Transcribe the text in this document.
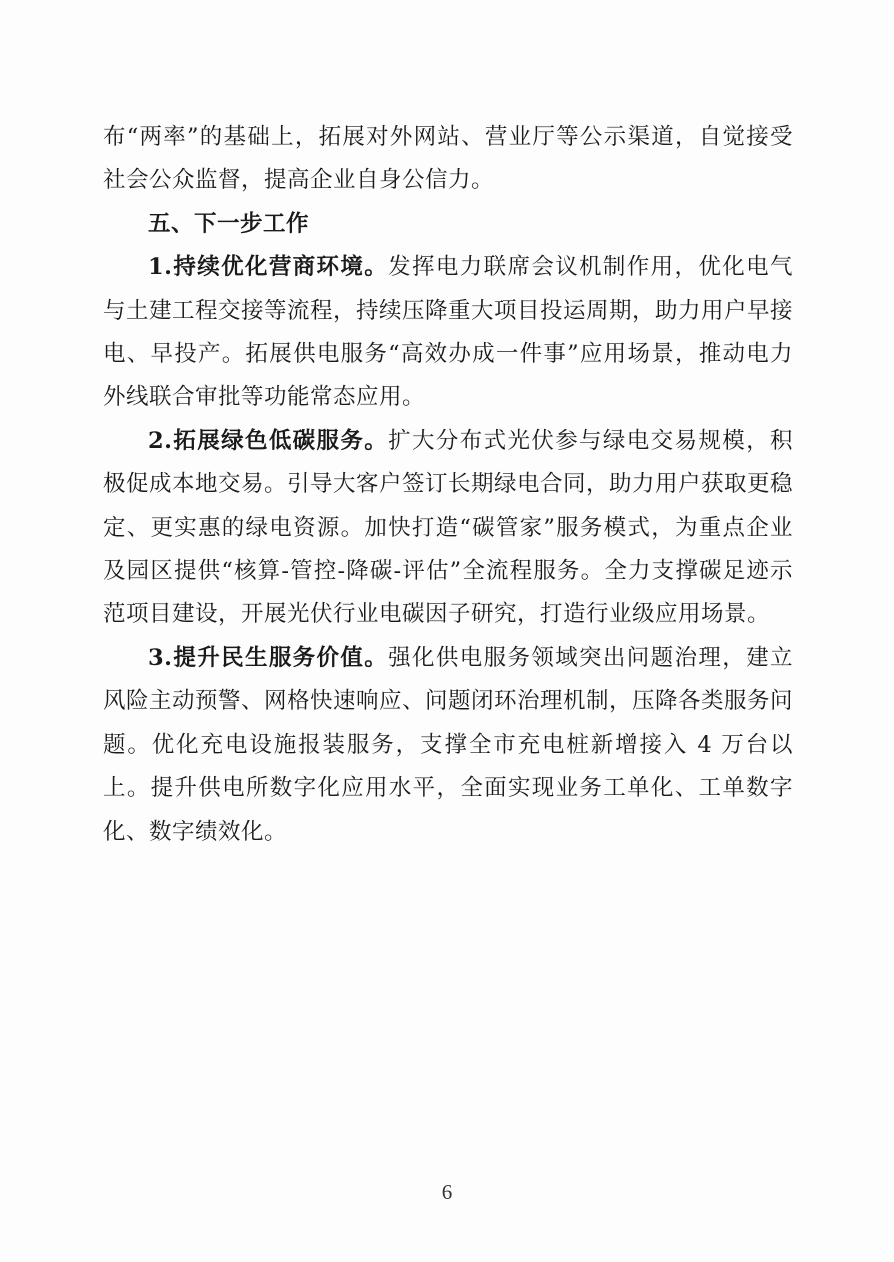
布“两率”的基础上，拓展对外网站、营业厅等公示渠道，自觉接受社会公众监督，提高企业自身公信力。

五、下一步工作

1.持续优化营商环境。发挥电力联席会议机制作用，优化电气与土建工程交接等流程，持续压降重大项目投运周期，助力用户早接电、早投产。拓展供电服务“高效办成一件事”应用场景，推动电力外线联合审批等功能常态应用。

2.拓展绿色低碳服务。扩大分布式光伏参与绿电交易规模，积极促成本地交易。引导大客户签订长期绿电合同，助力用户获取更稳定、更实惠的绿电资源。加快打造“碳管家”服务模式，为重点企业及园区提供“核算-管控-降碳-评估”全流程服务。全力支撑碳足迹示范项目建设，开展光伏行业电碳因子研究，打造行业级应用场景。

3.提升民生服务价值。强化供电服务领域突出问题治理，建立风险主动预警、网格快速响应、问题闭环治理机制，压降各类服务问题。优化充电设施报装服务，支撑全市充电桩新增接入 4 万台以上。提升供电所数字化应用水平，全面实现业务工单化、工单数字化、数字绩效化。

6
